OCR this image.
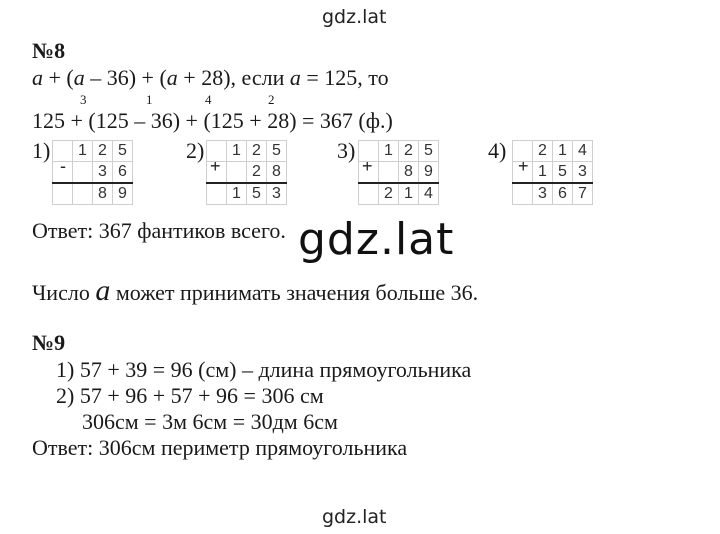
gdz.lat
№8
a + (a – 36) + (a + 28), если a = 125, то
3	1	4	2
125 + (125 – 36) + (125 + 28) = 367 (ф.)
1)
-
	1	2	5
		3	6
		8	9
2)
+
	1	2	5
		2	8
	1	5	3
3)
+
	1	2	5
		8	9
	2	1	4
4)
+
	2	1	4
	1	5	3
	3	6	7
Ответ: 367 фантиков всего. gdz.lat
Число a может принимать значения больше 36.
№9
1) 57 + 39 = 96 (см) – длина прямоугольника
2) 57 + 96 + 57 + 96 = 306 см
306см = 3м 6см = 30дм 6см
Ответ: 306см периметр прямоугольника
gdz.lat
